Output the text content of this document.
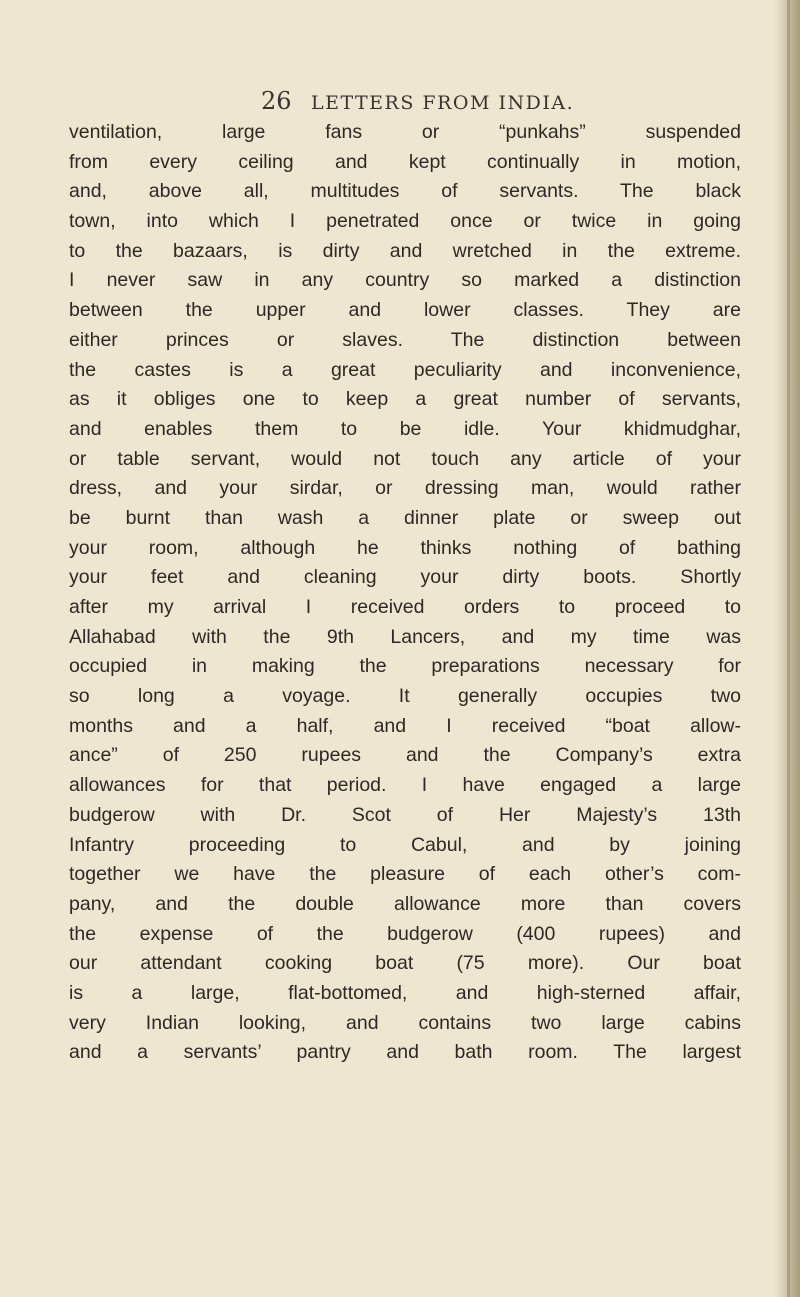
26 LETTERS FROM INDIA.
ventilation, large fans or “punkahs” suspended
from every ceiling and kept continually in motion,
and, above all, multitudes of servants. The black
town, into which I penetrated once or twice in going
to the bazaars, is dirty and wretched in the extreme.
I never saw in any country so marked a distinction
between the upper and lower classes. They are
either princes or slaves. The distinction between
the castes is a great peculiarity and inconvenience,
as it obliges one to keep a great number of servants,
and enables them to be idle. Your khidmudghar,
or table servant, would not touch any article of your
dress, and your sirdar, or dressing man, would rather
be burnt than wash a dinner plate or sweep out
your room, although he thinks nothing of bathing
your feet and cleaning your dirty boots. Shortly
after my arrival I received orders to proceed to
Allahabad with the 9th Lancers, and my time was
occupied in making the preparations necessary for
so long a voyage. It generally occupies two
months and a half, and I received “boat allow-
ance” of 250 rupees and the Company’s extra
allowances for that period. I have engaged a large
budgerow with Dr. Scot of Her Majesty’s 13th
Infantry proceeding to Cabul, and by joining
together we have the pleasure of each other’s com-
pany, and the double allowance more than covers
the expense of the budgerow (400 rupees) and
our attendant cooking boat (75 more). Our boat
is a large, flat-bottomed, and high-sterned affair,
very Indian looking, and contains two large cabins
and a servants’ pantry and bath room. The largest
